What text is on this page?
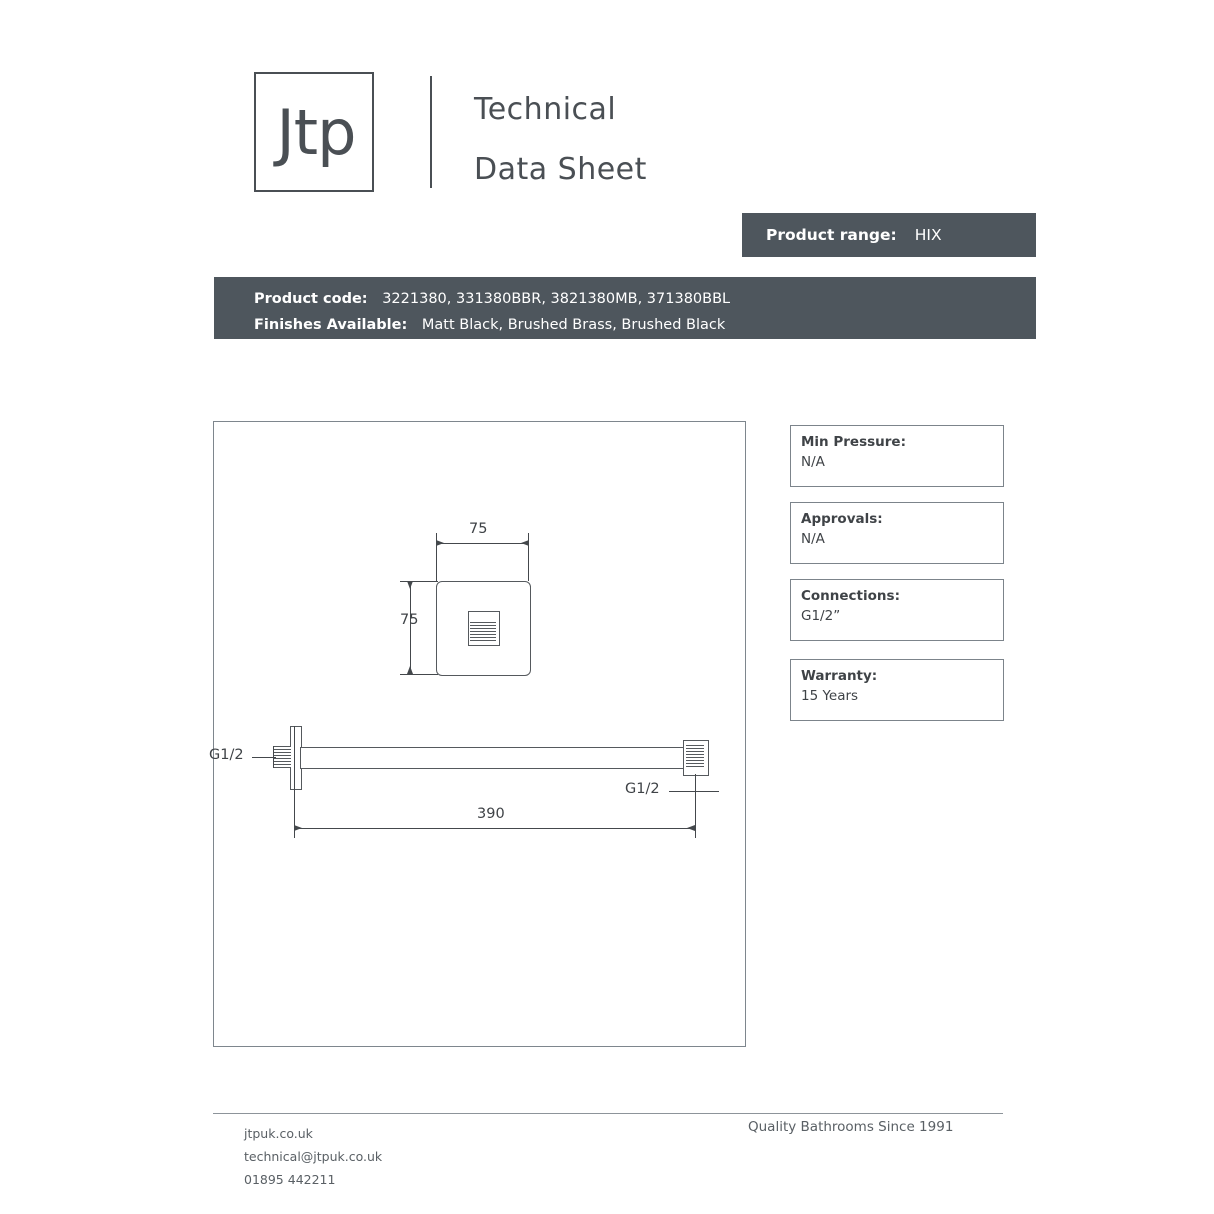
Jtp	Technical
Data Sheet
Product range: HIX
Product code: 3221380, 331380BBR, 3821380MB, 371380BBL
Finishes Available: Matt Black, Brushed Brass, Brushed Black
75
75
G1/2
G1/2
390
Min Pressure:
N/A
Approvals:
N/A
Connections:
G1/2”
Warranty:
15 Years
jtpuk.co.uk
technical@jtpuk.co.uk
01895 442211
Quality Bathrooms Since 1991
